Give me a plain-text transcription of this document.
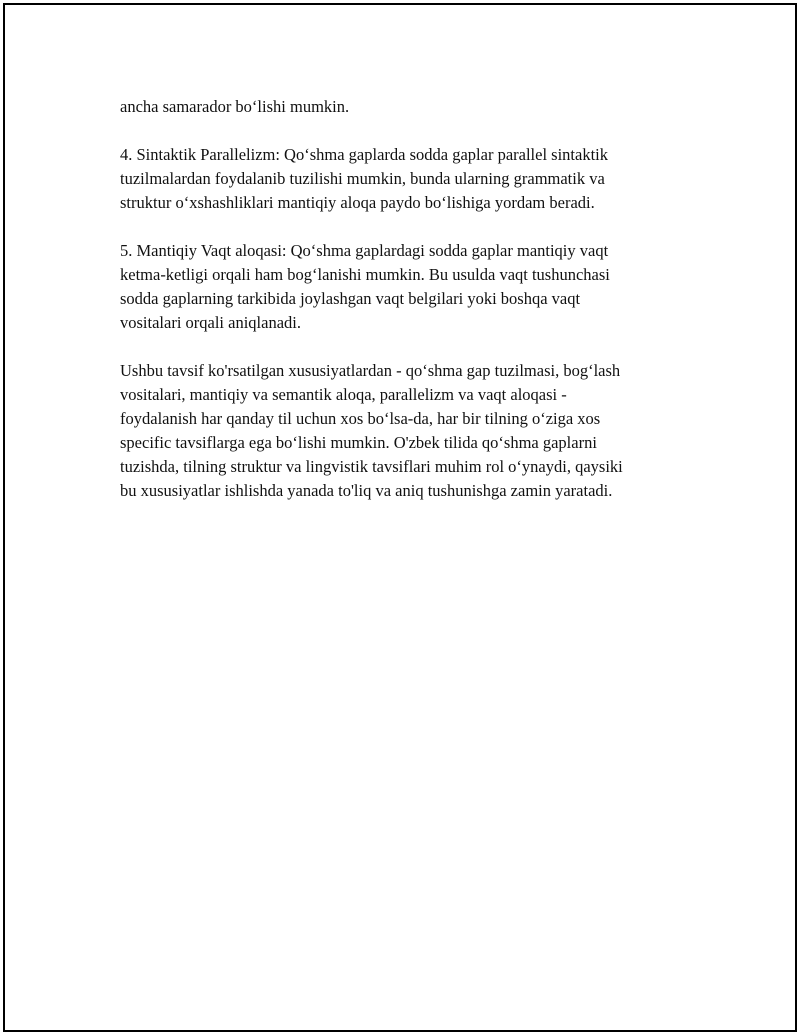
ancha samarador bo‘lishi mumkin.

4. Sintaktik Parallelizm: Qo‘shma gaplarda sodda gaplar parallel sintaktik
tuzilmalardan foydalanib tuzilishi mumkin, bunda ularning grammatik va
struktur o‘xshashliklari mantiqiy aloqa paydo bo‘lishiga yordam beradi.

5. Mantiqiy Vaqt aloqasi: Qo‘shma gaplardagi sodda gaplar mantiqiy vaqt
ketma-ketligi orqali ham bog‘lanishi mumkin. Bu usulda vaqt tushunchasi
sodda gaplarning tarkibida joylashgan vaqt belgilari yoki boshqa vaqt
vositalari orqali aniqlanadi.

Ushbu tavsif ko'rsatilgan xususiyatlardan - qo‘shma gap tuzilmasi, bog‘lash
vositalari, mantiqiy va semantik aloqa, parallelizm va vaqt aloqasi -
foydalanish har qanday til uchun xos bo‘lsa-da, har bir tilning o‘ziga xos
specific tavsiflarga ega bo‘lishi mumkin. O'zbek tilida qo‘shma gaplarni
tuzishda, tilning struktur va lingvistik tavsiflari muhim rol o‘ynaydi, qaysiki
bu xususiyatlar ishlishda yanada to'liq va aniq tushunishga zamin yaratadi.
